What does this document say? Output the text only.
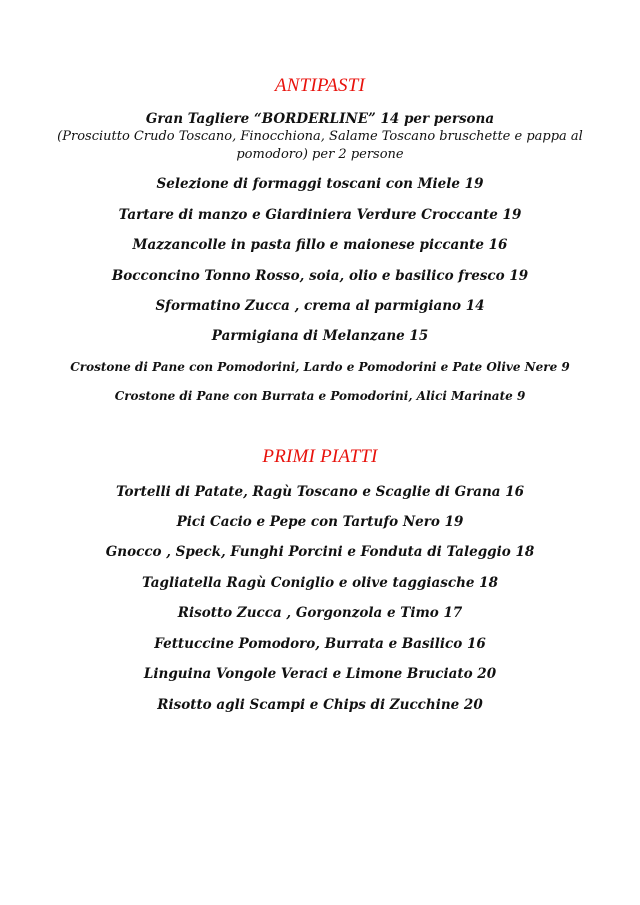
ANTIPASTI
Gran Tagliere “BORDERLINE” 14 per persona
(Prosciutto Crudo Toscano, Finocchiona, Salame Toscano bruschette e pappa al pomodoro) per 2 persone
Selezione di formaggi toscani con Miele 19
Tartare di manzo e Giardiniera Verdure Croccante 19
Mazzancolle in pasta fillo e maionese piccante 16
Bocconcino Tonno Rosso, soia, olio e basilico fresco 19
Sformatino Zucca , crema al parmigiano 14
Parmigiana di Melanzane 15
Crostone di Pane con Pomodorini, Lardo e Pomodorini e Pate Olive Nere 9
Crostone di Pane con Burrata e Pomodorini, Alici Marinate 9
PRIMI PIATTI
Tortelli di Patate, Ragù Toscano e Scaglie di Grana 16
Pici Cacio e Pepe con Tartufo Nero 19
Gnocco , Speck, Funghi Porcini e Fonduta di Taleggio 18
Tagliatella Ragù Coniglio e olive taggiasche 18
Risotto Zucca , Gorgonzola e Timo 17
Fettuccine Pomodoro, Burrata e Basilico 16
Linguina Vongole Veraci e Limone Bruciato 20
Risotto agli Scampi e Chips di Zucchine 20
